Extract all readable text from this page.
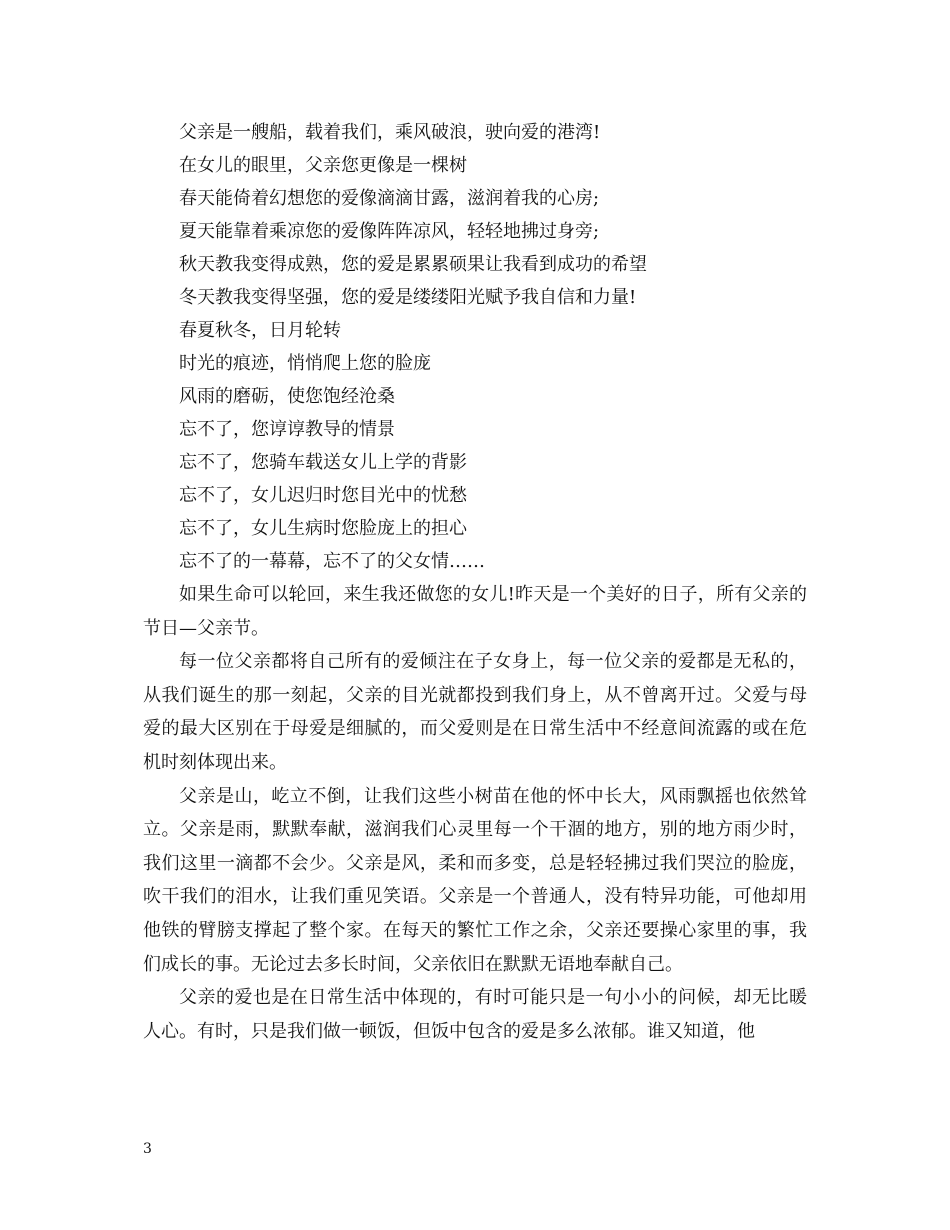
父亲是一艘船，载着我们，乘风破浪，驶向爱的港湾!
在女儿的眼里，父亲您更像是一棵树
春天能倚着幻想您的爱像滴滴甘露，滋润着我的心房;
夏天能靠着乘凉您的爱像阵阵凉风，轻轻地拂过身旁;
秋天教我变得成熟，您的爱是累累硕果让我看到成功的希望
冬天教我变得坚强，您的爱是缕缕阳光赋予我自信和力量!
春夏秋冬，日月轮转
时光的痕迹，悄悄爬上您的脸庞
风雨的磨砺，使您饱经沧桑
忘不了，您谆谆教导的情景
忘不了，您骑车载送女儿上学的背影
忘不了，女儿迟归时您目光中的忧愁
忘不了，女儿生病时您脸庞上的担心
忘不了的一幕幕，忘不了的父女情……

如果生命可以轮回，来生我还做您的女儿!昨天是一个美好的日子，所有父亲的节日—父亲节。

每一位父亲都将自己所有的爱倾注在子女身上，每一位父亲的爱都是无私的，从我们诞生的那一刻起，父亲的目光就都投到我们身上，从不曾离开过。父爱与母爱的最大区别在于母爱是细腻的，而父爱则是在日常生活中不经意间流露的或在危机时刻体现出来。

父亲是山，屹立不倒，让我们这些小树苗在他的怀中长大，风雨飘摇也依然耸立。父亲是雨，默默奉献，滋润我们心灵里每一个干涸的地方，别的地方雨少时，我们这里一滴都不会少。父亲是风，柔和而多变，总是轻轻拂过我们哭泣的脸庞，吹干我们的泪水，让我们重见笑语。父亲是一个普通人，没有特异功能，可他却用他铁的臂膀支撑起了整个家。在每天的繁忙工作之余，父亲还要操心家里的事，我们成长的事。无论过去多长时间，父亲依旧在默默无语地奉献自己。

父亲的爱也是在日常生活中体现的，有时可能只是一句小小的问候，却无比暖人心。有时，只是我们做一顿饭，但饭中包含的爱是多么浓郁。谁又知道，他

3
